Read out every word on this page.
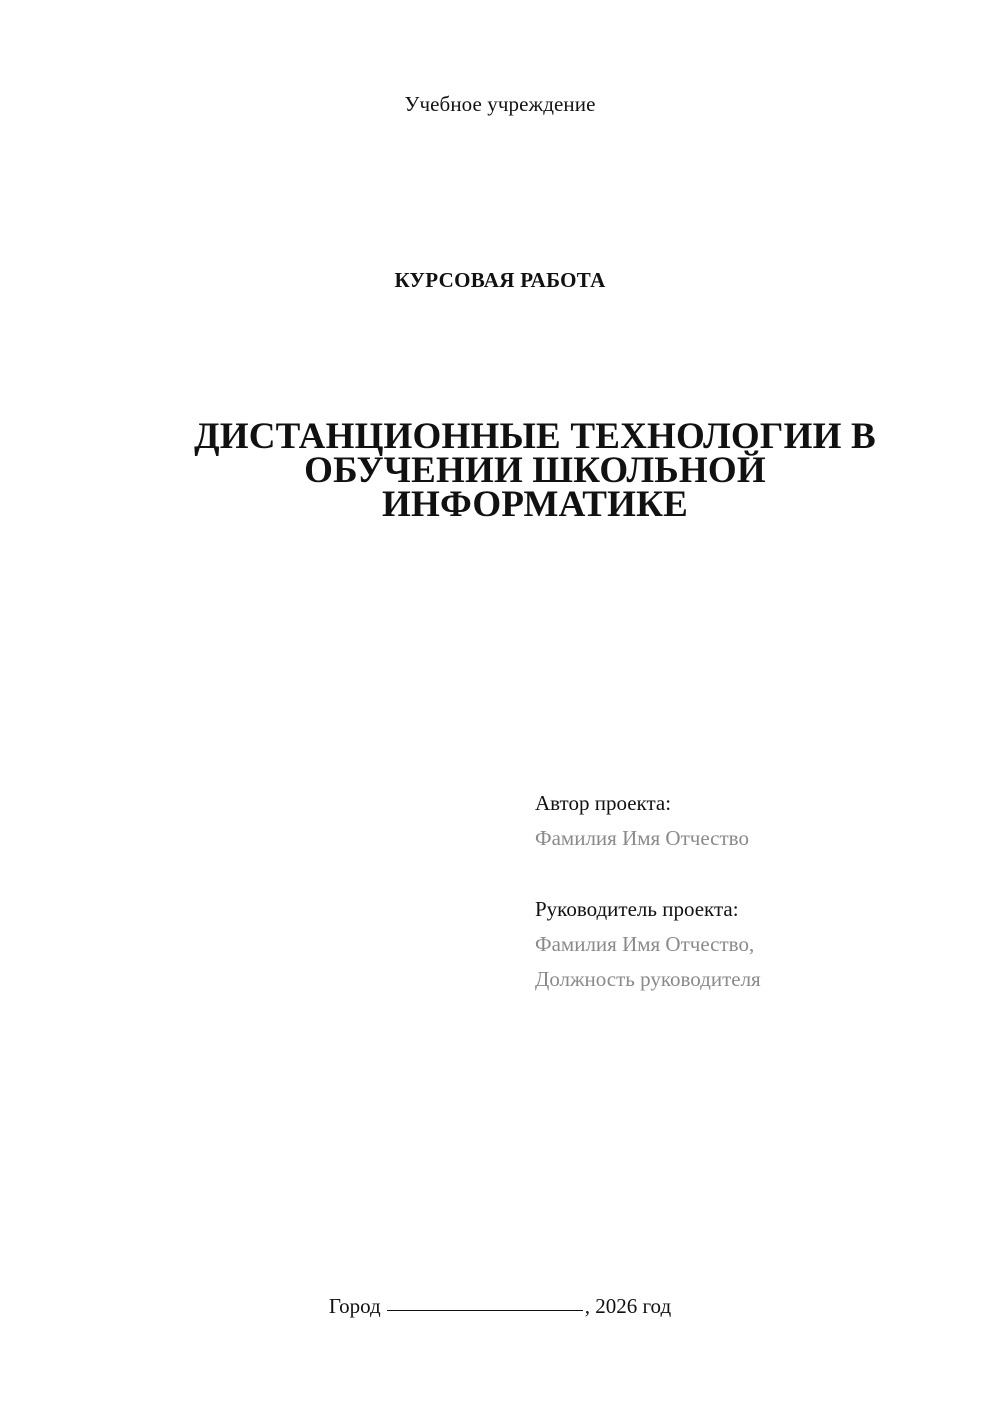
Учебное учреждение
КУРСОВАЯ РАБОТА
ДИСТАНЦИОННЫЕ ТЕХНОЛОГИИ В
ОБУЧЕНИИ ШКОЛЬНОЙ
ИНФОРМАТИКЕ
Автор проекта:
Фамилия Имя Отчество
Руководитель проекта:
Фамилия Имя Отчество,
Должность руководителя
Город	, 2026 год
